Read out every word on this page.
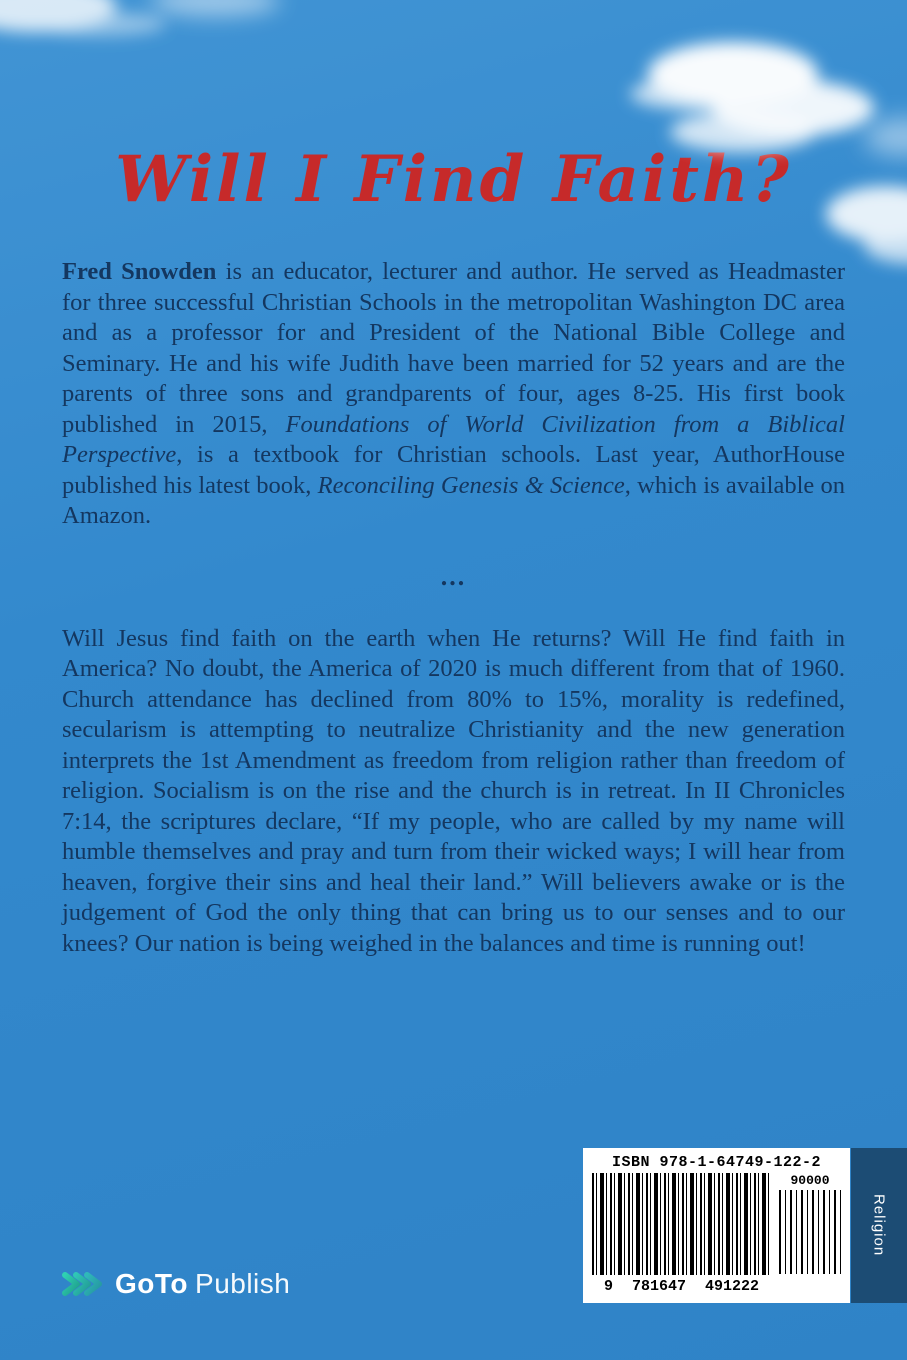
Will I Find Faith?

Fred Snowden is an educator, lecturer and author. He served as Headmaster for three successful Christian Schools in the metropolitan Washington DC area and as a professor for and President of the National Bible College and Seminary. He and his wife Judith have been married for 52 years and are the parents of three sons and grandparents of four, ages 8-25. His first book published in 2015, Foundations of World Civilization from a Biblical Perspective, is a textbook for Christian schools. Last year, AuthorHouse published his latest book, Reconciling Genesis & Science, which is available on Amazon.

...

Will Jesus find faith on the earth when He returns? Will He find faith in America? No doubt, the America of 2020 is much different from that of 1960. Church attendance has declined from 80% to 15%, morality is redefined, secularism is attempting to neutralize Christianity and the new generation interprets the 1st Amendment as freedom from religion rather than freedom of religion. Socialism is on the rise and the church is in retreat. In II Chronicles 7:14, the scriptures declare, “If my people, who are called by my name will humble themselves and pray and turn from their wicked ways; I will hear from heaven, forgive their sins and heal their land.” Will believers awake or is the judgement of God the only thing that can bring us to our senses and to our knees? Our nation is being weighed in the balances and time is running out!

ISBN 978-1-64749-122-2
9 781647 491222
90000
Religion
GoTo Publish
